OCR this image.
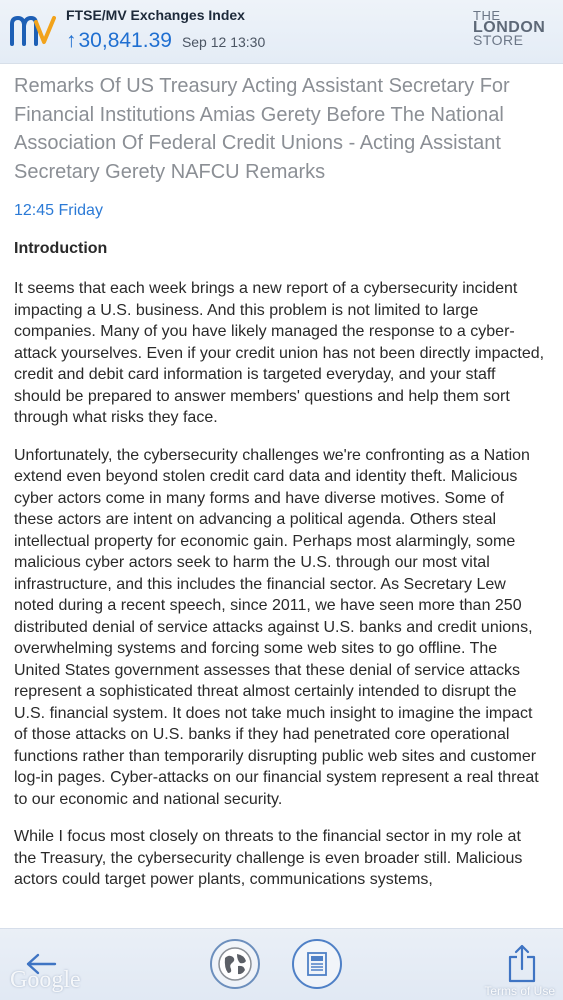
FTSE/MV Exchanges Index
↑ 30,841.39 Sep 12 13:30
THE
LONDON
STORE
Remarks Of US Treasury Acting Assistant Secretary For Financial Institutions Amias Gerety Before The National Association Of Federal Credit Unions - Acting Assistant Secretary Gerety NAFCU Remarks
12:45 Friday
Introduction

It seems that each week brings a new report of a cybersecurity incident impacting a U.S. business. And this problem is not limited to large companies. Many of you have likely managed the response to a cyber-attack yourselves. Even if your credit union has not been directly impacted, credit and debit card information is targeted everyday, and your staff should be prepared to answer members' questions and help them sort through what risks they face.

Unfortunately, the cybersecurity challenges we're confronting as a Nation extend even beyond stolen credit card data and identity theft. Malicious cyber actors come in many forms and have diverse motives. Some of these actors are intent on advancing a political agenda. Others steal intellectual property for economic gain. Perhaps most alarmingly, some malicious cyber actors seek to harm the U.S. through our most vital infrastructure, and this includes the financial sector. As Secretary Lew noted during a recent speech, since 2011, we have seen more than 250 distributed denial of service attacks against U.S. banks and credit unions, overwhelming systems and forcing some web sites to go offline. The United States government assesses that these denial of service attacks represent a sophisticated threat almost certainly intended to disrupt the U.S. financial system. It does not take much insight to imagine the impact of those attacks on U.S. banks if they had penetrated core operational functions rather than temporarily disrupting public web sites and customer log-in pages. Cyber-attacks on our financial system represent a real threat to our economic and national security.

While I focus most closely on threats to the financial sector in my role at the Treasury, the cybersecurity challenge is even broader still. Malicious actors could target power plants, communications systems,

Google	Terms of Use
